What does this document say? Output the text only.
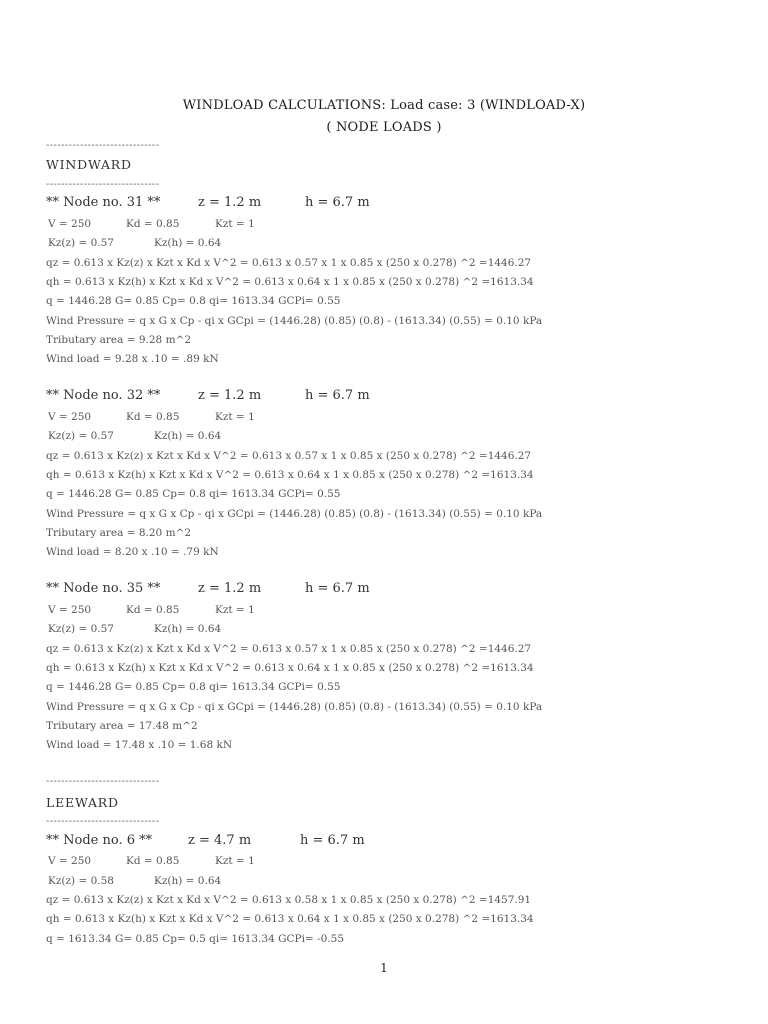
WINDLOAD CALCULATIONS: Load case: 3 (WINDLOAD-X)
( NODE LOADS )
------------------------------
WINDWARD
------------------------------
** Node no. 31 **	z = 1.2 m	h = 6.7 m
V = 250	Kd = 0.85	Kzt = 1
Kz(z) = 0.57	Kz(h) = 0.64
qz = 0.613 x Kz(z) x Kzt x Kd x V^2 = 0.613 x 0.57 x 1 x 0.85 x (250 x 0.278) ^2 =1446.27
qh = 0.613 x Kz(h) x Kzt x Kd x V^2 = 0.613 x 0.64 x 1 x 0.85 x (250 x 0.278) ^2 =1613.34
q = 1446.28 G= 0.85 Cp= 0.8 qi= 1613.34 GCPi= 0.55
Wind Pressure = q x G x Cp - qi x GCpi = (1446.28) (0.85) (0.8) - (1613.34) (0.55) = 0.10 kPa
Tributary area = 9.28 m^2
Wind load = 9.28 x .10 = .89 kN
** Node no. 32 **	z = 1.2 m	h = 6.7 m
V = 250	Kd = 0.85	Kzt = 1
Kz(z) = 0.57	Kz(h) = 0.64
qz = 0.613 x Kz(z) x Kzt x Kd x V^2 = 0.613 x 0.57 x 1 x 0.85 x (250 x 0.278) ^2 =1446.27
qh = 0.613 x Kz(h) x Kzt x Kd x V^2 = 0.613 x 0.64 x 1 x 0.85 x (250 x 0.278) ^2 =1613.34
q = 1446.28 G= 0.85 Cp= 0.8 qi= 1613.34 GCPi= 0.55
Wind Pressure = q x G x Cp - qi x GCpi = (1446.28) (0.85) (0.8) - (1613.34) (0.55) = 0.10 kPa
Tributary area = 8.20 m^2
Wind load = 8.20 x .10 = .79 kN
** Node no. 35 **	z = 1.2 m	h = 6.7 m
V = 250	Kd = 0.85	Kzt = 1
Kz(z) = 0.57	Kz(h) = 0.64
qz = 0.613 x Kz(z) x Kzt x Kd x V^2 = 0.613 x 0.57 x 1 x 0.85 x (250 x 0.278) ^2 =1446.27
qh = 0.613 x Kz(h) x Kzt x Kd x V^2 = 0.613 x 0.64 x 1 x 0.85 x (250 x 0.278) ^2 =1613.34
q = 1446.28 G= 0.85 Cp= 0.8 qi= 1613.34 GCPi= 0.55
Wind Pressure = q x G x Cp - qi x GCpi = (1446.28) (0.85) (0.8) - (1613.34) (0.55) = 0.10 kPa
Tributary area = 17.48 m^2
Wind load = 17.48 x .10 = 1.68 kN
------------------------------
LEEWARD
------------------------------
** Node no. 6 **	z = 4.7 m	h = 6.7 m
V = 250	Kd = 0.85	Kzt = 1
Kz(z) = 0.58	Kz(h) = 0.64
qz = 0.613 x Kz(z) x Kzt x Kd x V^2 = 0.613 x 0.58 x 1 x 0.85 x (250 x 0.278) ^2 =1457.91
qh = 0.613 x Kz(h) x Kzt x Kd x V^2 = 0.613 x 0.64 x 1 x 0.85 x (250 x 0.278) ^2 =1613.34
q = 1613.34 G= 0.85 Cp= 0.5 qi= 1613.34 GCPi= -0.55
1
